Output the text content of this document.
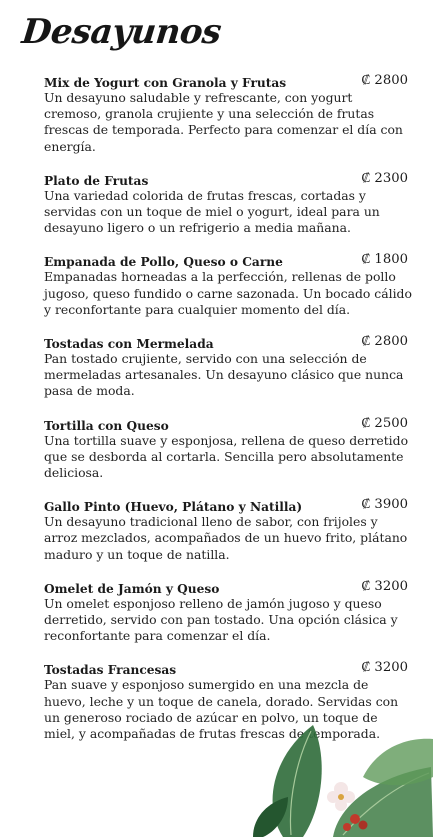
Desayunos
Mix de Yogurt con Granola y Frutas	₡ 2800
Un desayuno saludable y refrescante, con yogurt cremoso, granola crujiente y una selección de frutas frescas de temporada. Perfecto para comenzar el día con energía.
Plato de Frutas	₡ 2300
Una variedad colorida de frutas frescas, cortadas y servidas con un toque de miel o yogurt, ideal para un desayuno ligero o un refrigerio a media mañana.
Empanada de Pollo, Queso o Carne	₡ 1800
Empanadas horneadas a la perfección, rellenas de pollo jugoso, queso fundido o carne sazonada. Un bocado cálido y reconfortante para cualquier momento del día.
Tostadas con Mermelada	₡ 2800
Pan tostado crujiente, servido con una selección de mermeladas artesanales. Un desayuno clásico que nunca pasa de moda.
Tortilla con Queso	₡ 2500
Una tortilla suave y esponjosa, rellena de queso derretido que se desborda al cortarla. Sencilla pero absolutamente deliciosa.
Gallo Pinto (Huevo, Plátano y Natilla)	₡ 3900
Un desayuno tradicional lleno de sabor, con frijoles y arroz mezclados, acompañados de un huevo frito, plátano maduro y un toque de natilla.
Omelet de Jamón y Queso	₡ 3200
Un omelet esponjoso relleno de jamón jugoso y queso derretido, servido con pan tostado. Una opción clásica y reconfortante para comenzar el día.
Tostadas Francesas	₡ 3200
Pan suave y esponjoso sumergido en una mezcla de huevo, leche y un toque de canela, dorado. Servidas con un generoso rociado de azúcar en polvo, un toque de miel, y acompañadas de frutas frescas de temporada.
